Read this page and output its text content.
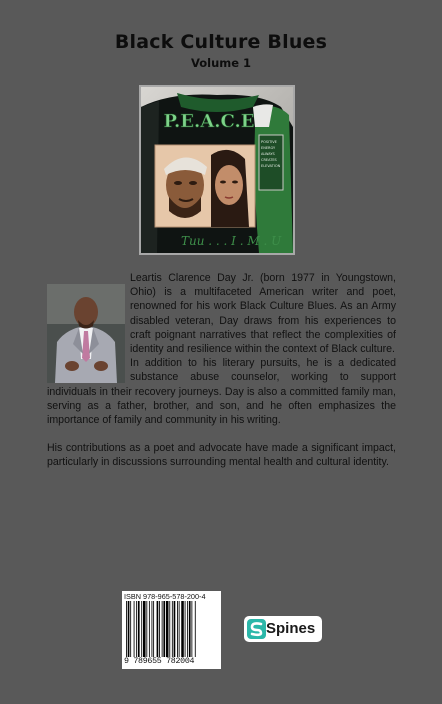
Black Culture Blues
Volume 1
P.E.A.C.E
POSITIVE
ENERGY
ALWAYS
CREATES
ELEVATION
Tuu . . . I . M . U

Leartis Clarence Day Jr. (born 1977 in Youngstown, Ohio) is a multifaceted American writer and poet, renowned for his work Black Culture Blues. As an Army disabled veteran, Day draws from his experiences to craft poignant narratives that reflect the complexities of identity and resilience within the context of Black culture.

In addition to his literary pursuits, he is a dedicated substance abuse counselor, working to support individuals in their recovery journeys. Day is also a committed family man, serving as a father, brother, and son, and he often emphasizes the importance of family and community in his writing.

His contributions as a poet and advocate have made a significant impact, particularly in discussions surrounding mental health and cultural identity.

ISBN 978-965-578-200-4
9 789655 782004
Spines
